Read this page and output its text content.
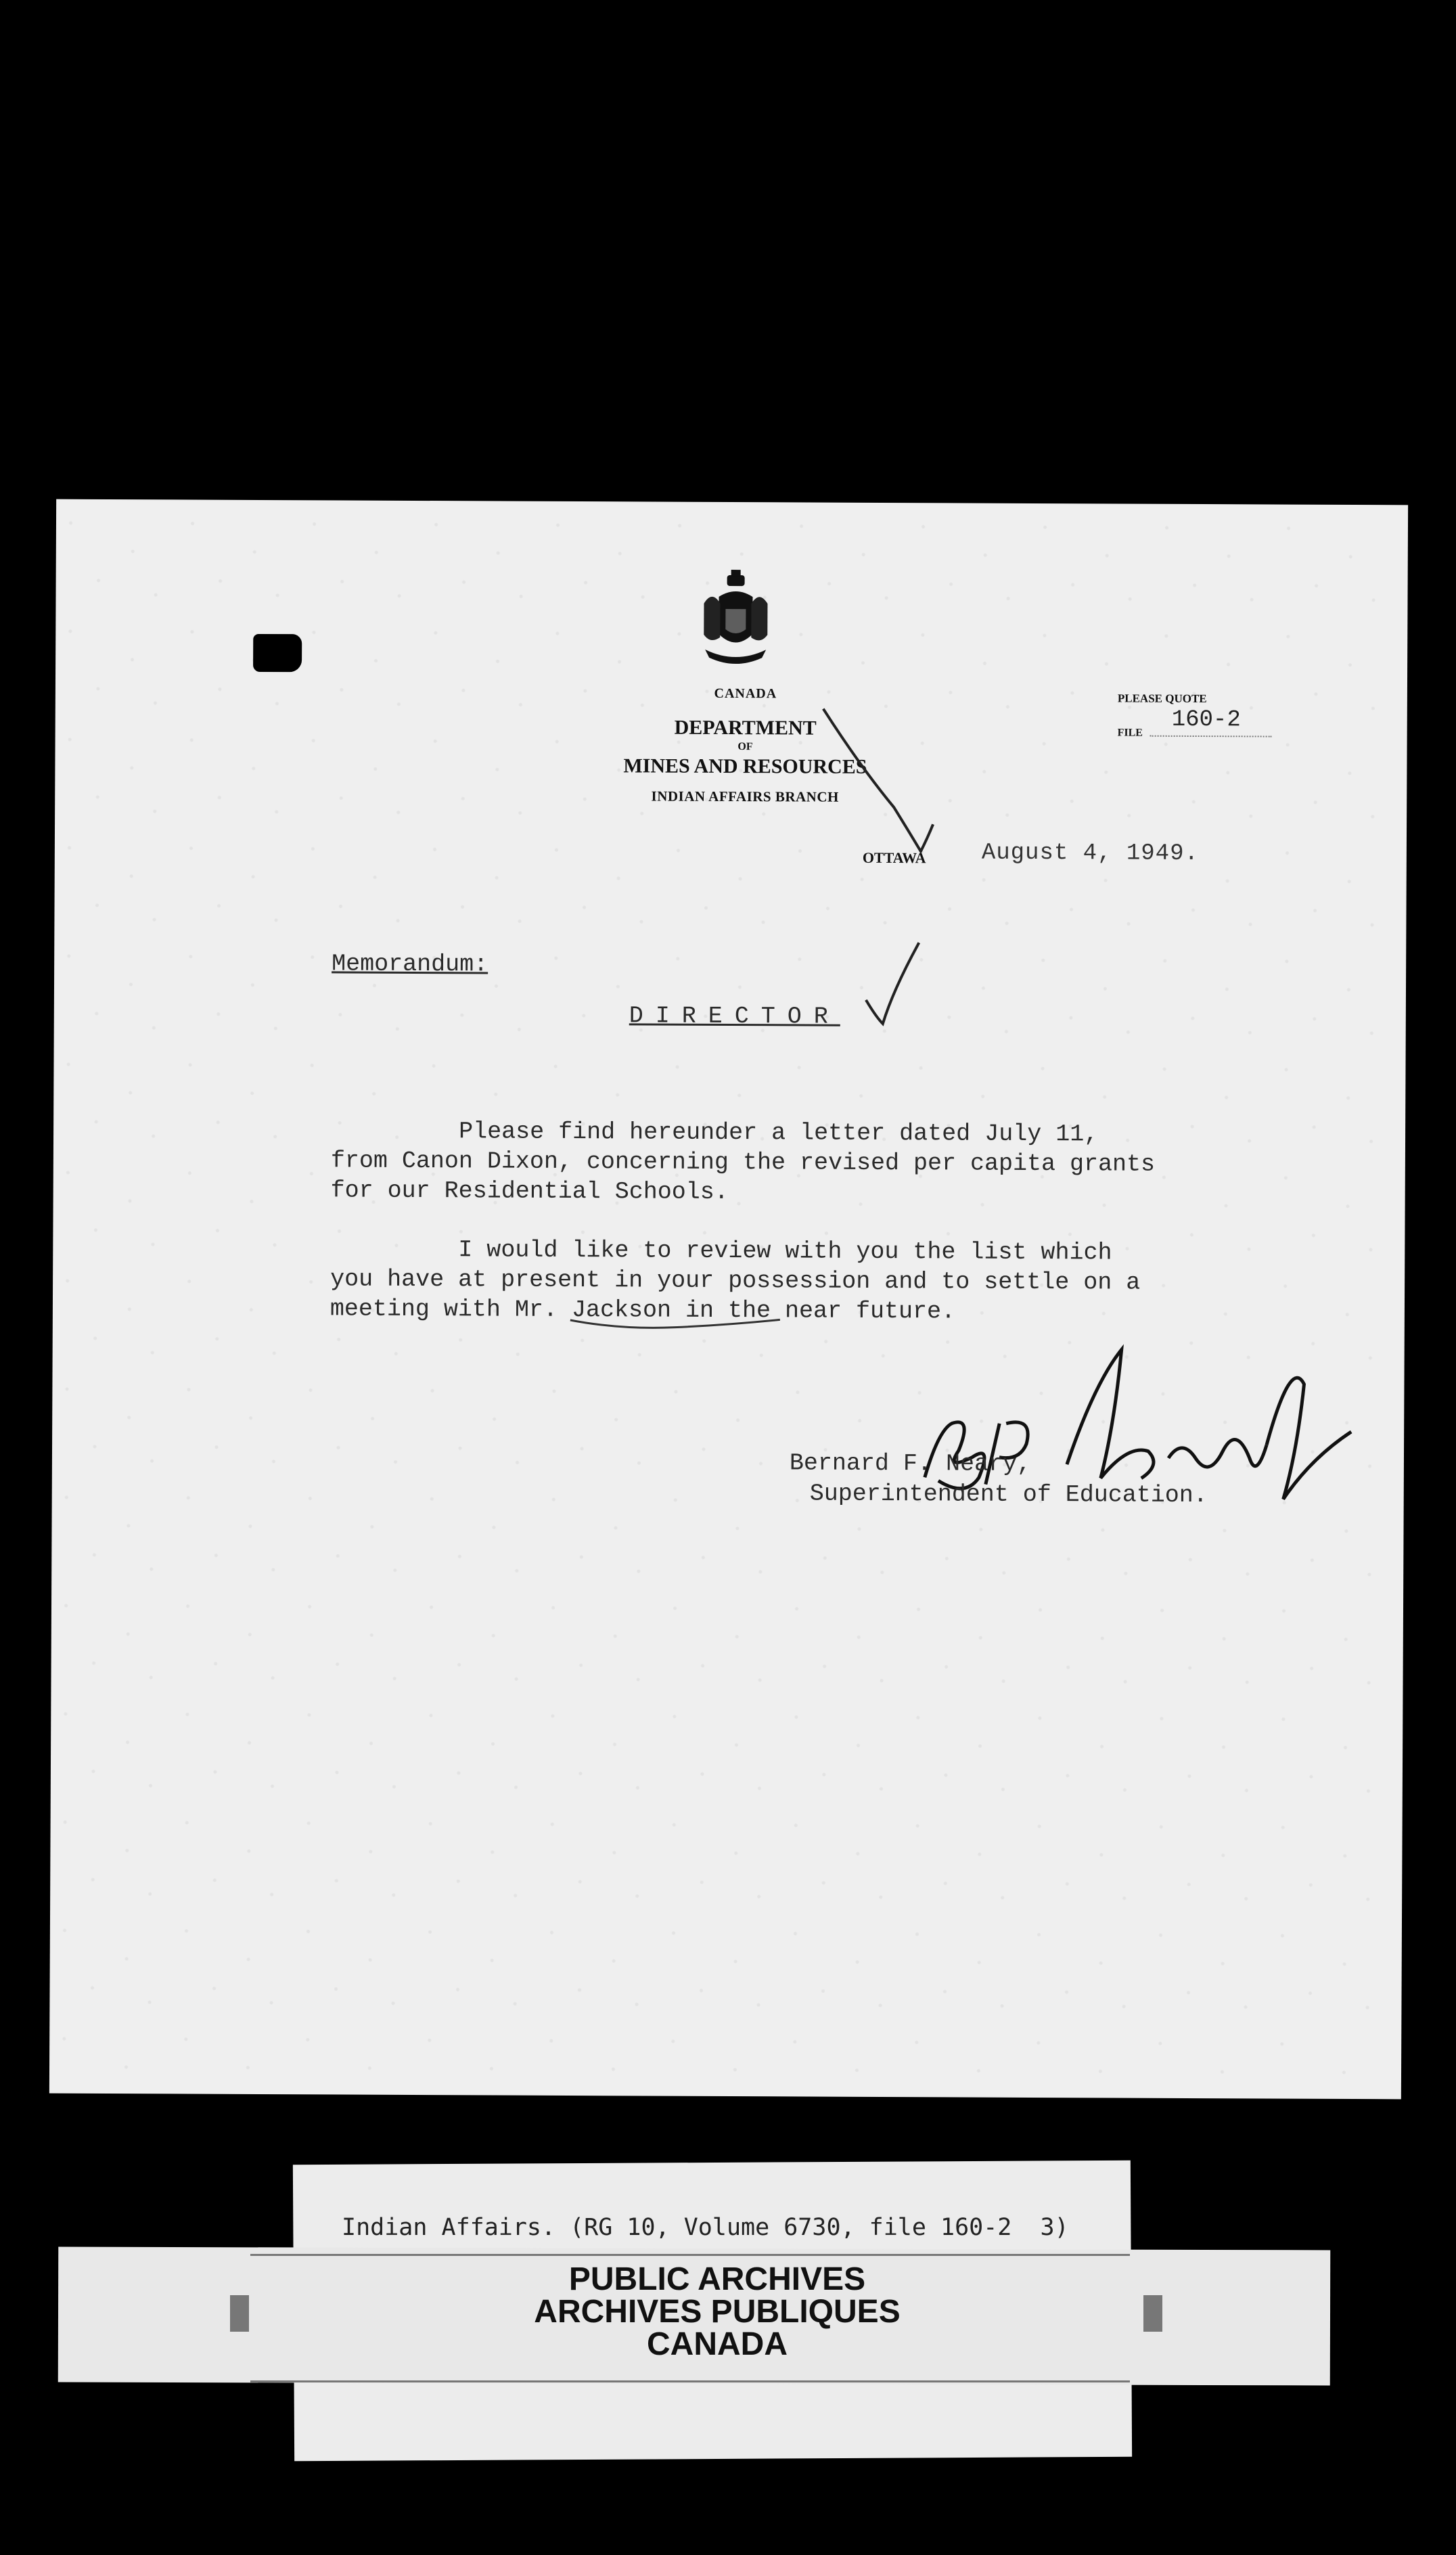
CANADA
DEPARTMENT
OF
MINES AND RESOURCES
INDIAN AFFAIRS BRANCH
PLEASE QUOTE
FILE 160-2
OTTAWA August 4, 1949.
Memorandum:
DIRECTOR
Please find hereunder a letter dated July 11,
from Canon Dixon, concerning the revised per capita grants
for our Residential Schools.
I would like to review with you the list which
you have at present in your possession and to settle on a
meeting with Mr. Jackson in the near future.
Bernard F. Neary,
Superintendent of Education.
Indian Affairs. (RG 10, Volume 6730, file 160-2  3)
PUBLIC ARCHIVES
ARCHIVES PUBLIQUES
CANADA
